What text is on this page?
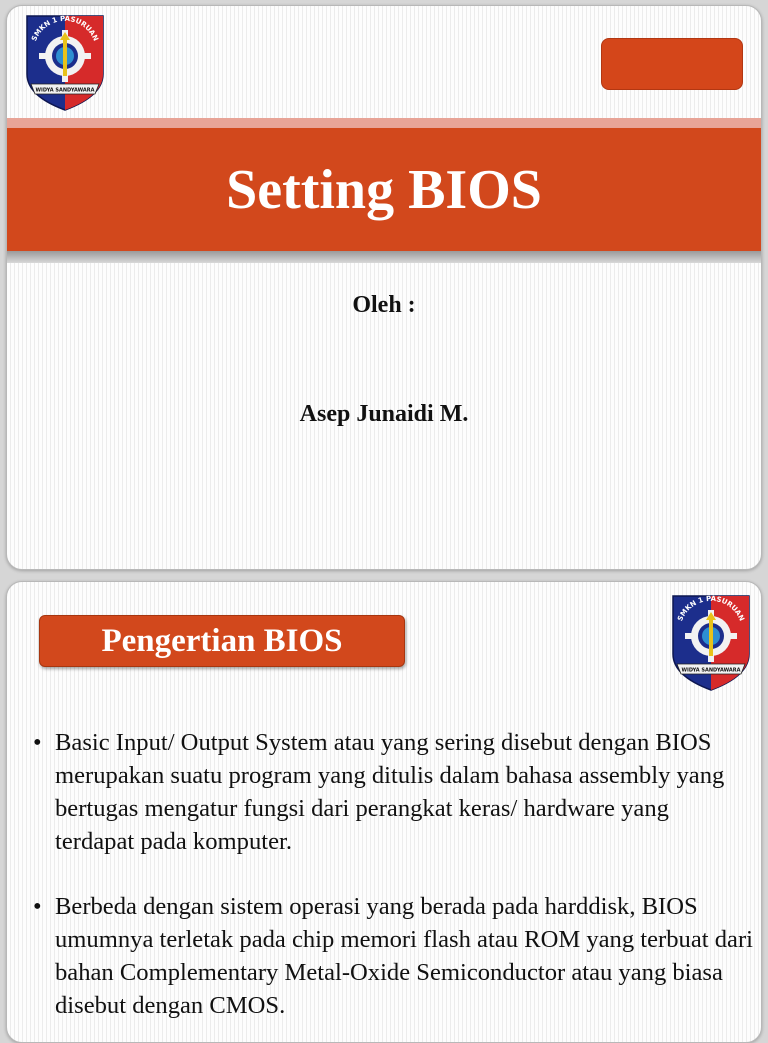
SMKN 1 PASURUAN
WIDYA SANDYAWARA
Setting BIOS
Oleh :
Asep Junaidi M.
Pengertian BIOS
SMKN 1 PASURUAN
WIDYA SANDYAWARA
• Basic Input/ Output System atau yang sering disebut dengan BIOS merupakan suatu program yang ditulis dalam bahasa assembly yang bertugas mengatur fungsi dari perangkat keras/ hardware yang terdapat pada komputer.
• Berbeda dengan sistem operasi yang berada pada harddisk, BIOS umumnya terletak pada chip memori flash atau ROM yang terbuat dari bahan Complementary Metal-Oxide Semiconductor atau yang biasa disebut dengan CMOS.
